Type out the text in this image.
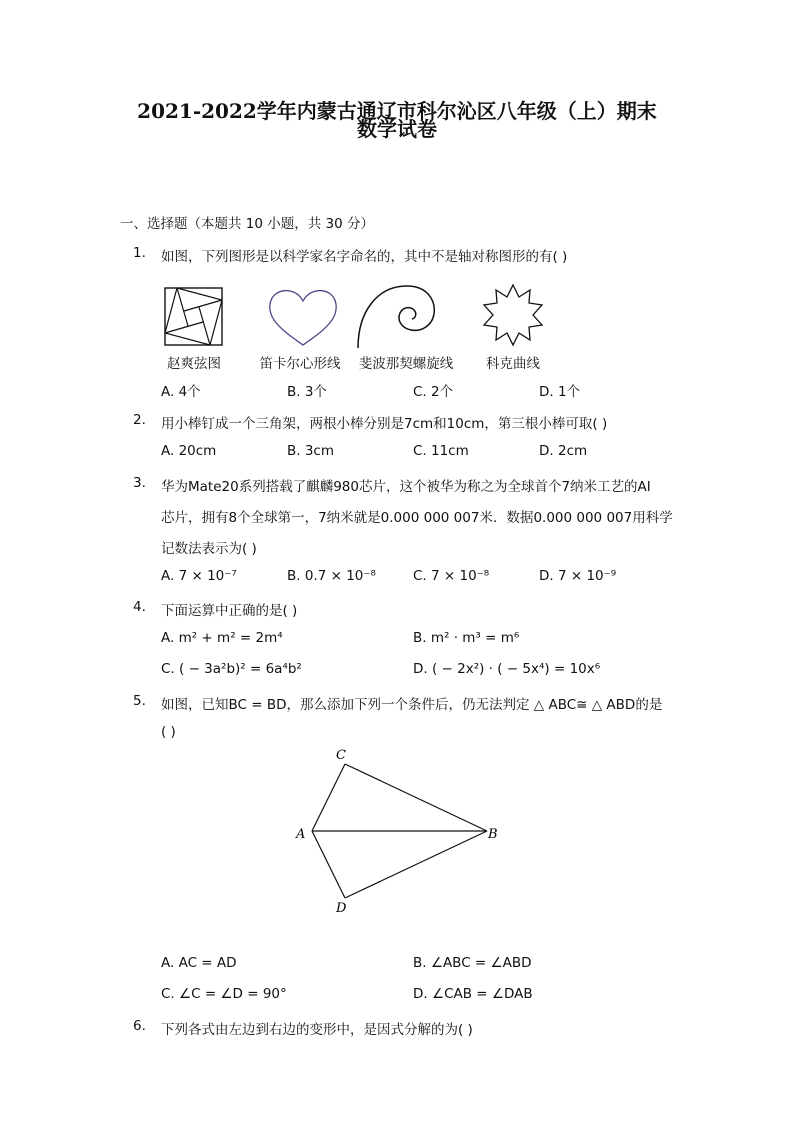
2021-2022学年内蒙古通辽市科尔沁区八年级（上）期末
数学试卷
一、选择题（本题共 10 小题，共 30 分）
1. 如图，下列图形是以科学家名字命名的，其中不是轴对称图形的有( )
赵爽弦图	笛卡尔心形线	斐波那契螺旋线	科克曲线
A. 4个	B. 3个	C. 2个	D. 1个
2. 用小棒钉成一个三角架，两根小棒分别是7cm和10cm，第三根小棒可取( )
A. 20cm	B. 3cm	C. 11cm	D. 2cm
3. 华为Mate20系列搭载了麒麟980芯片，这个被华为称之为全球首个7纳米工艺的AI
芯片，拥有8个全球第一，7纳米就是0.000 000 007米．数据0.000 000 007用科学
记数法表示为( )
A. 7 × 10⁻⁷	B. 0.7 × 10⁻⁸	C. 7 × 10⁻⁸	D. 7 × 10⁻⁹
4. 下面运算中正确的是( )
A. m² + m² = 2m⁴	B. m² · m³ = m⁶
C. ( − 3a²b)² = 6a⁴b²	D. ( − 2x²) · ( − 5x⁴) = 10x⁶
5. 如图，已知BC = BD，那么添加下列一个条件后，仍无法判定 △ ABC≅ △ ABD的是
( )
C
A	B
D
A. AC = AD	B. ∠ABC = ∠ABD
C. ∠C = ∠D = 90°	D. ∠CAB = ∠DAB
6. 下列各式由左边到右边的变形中，是因式分解的为( )
